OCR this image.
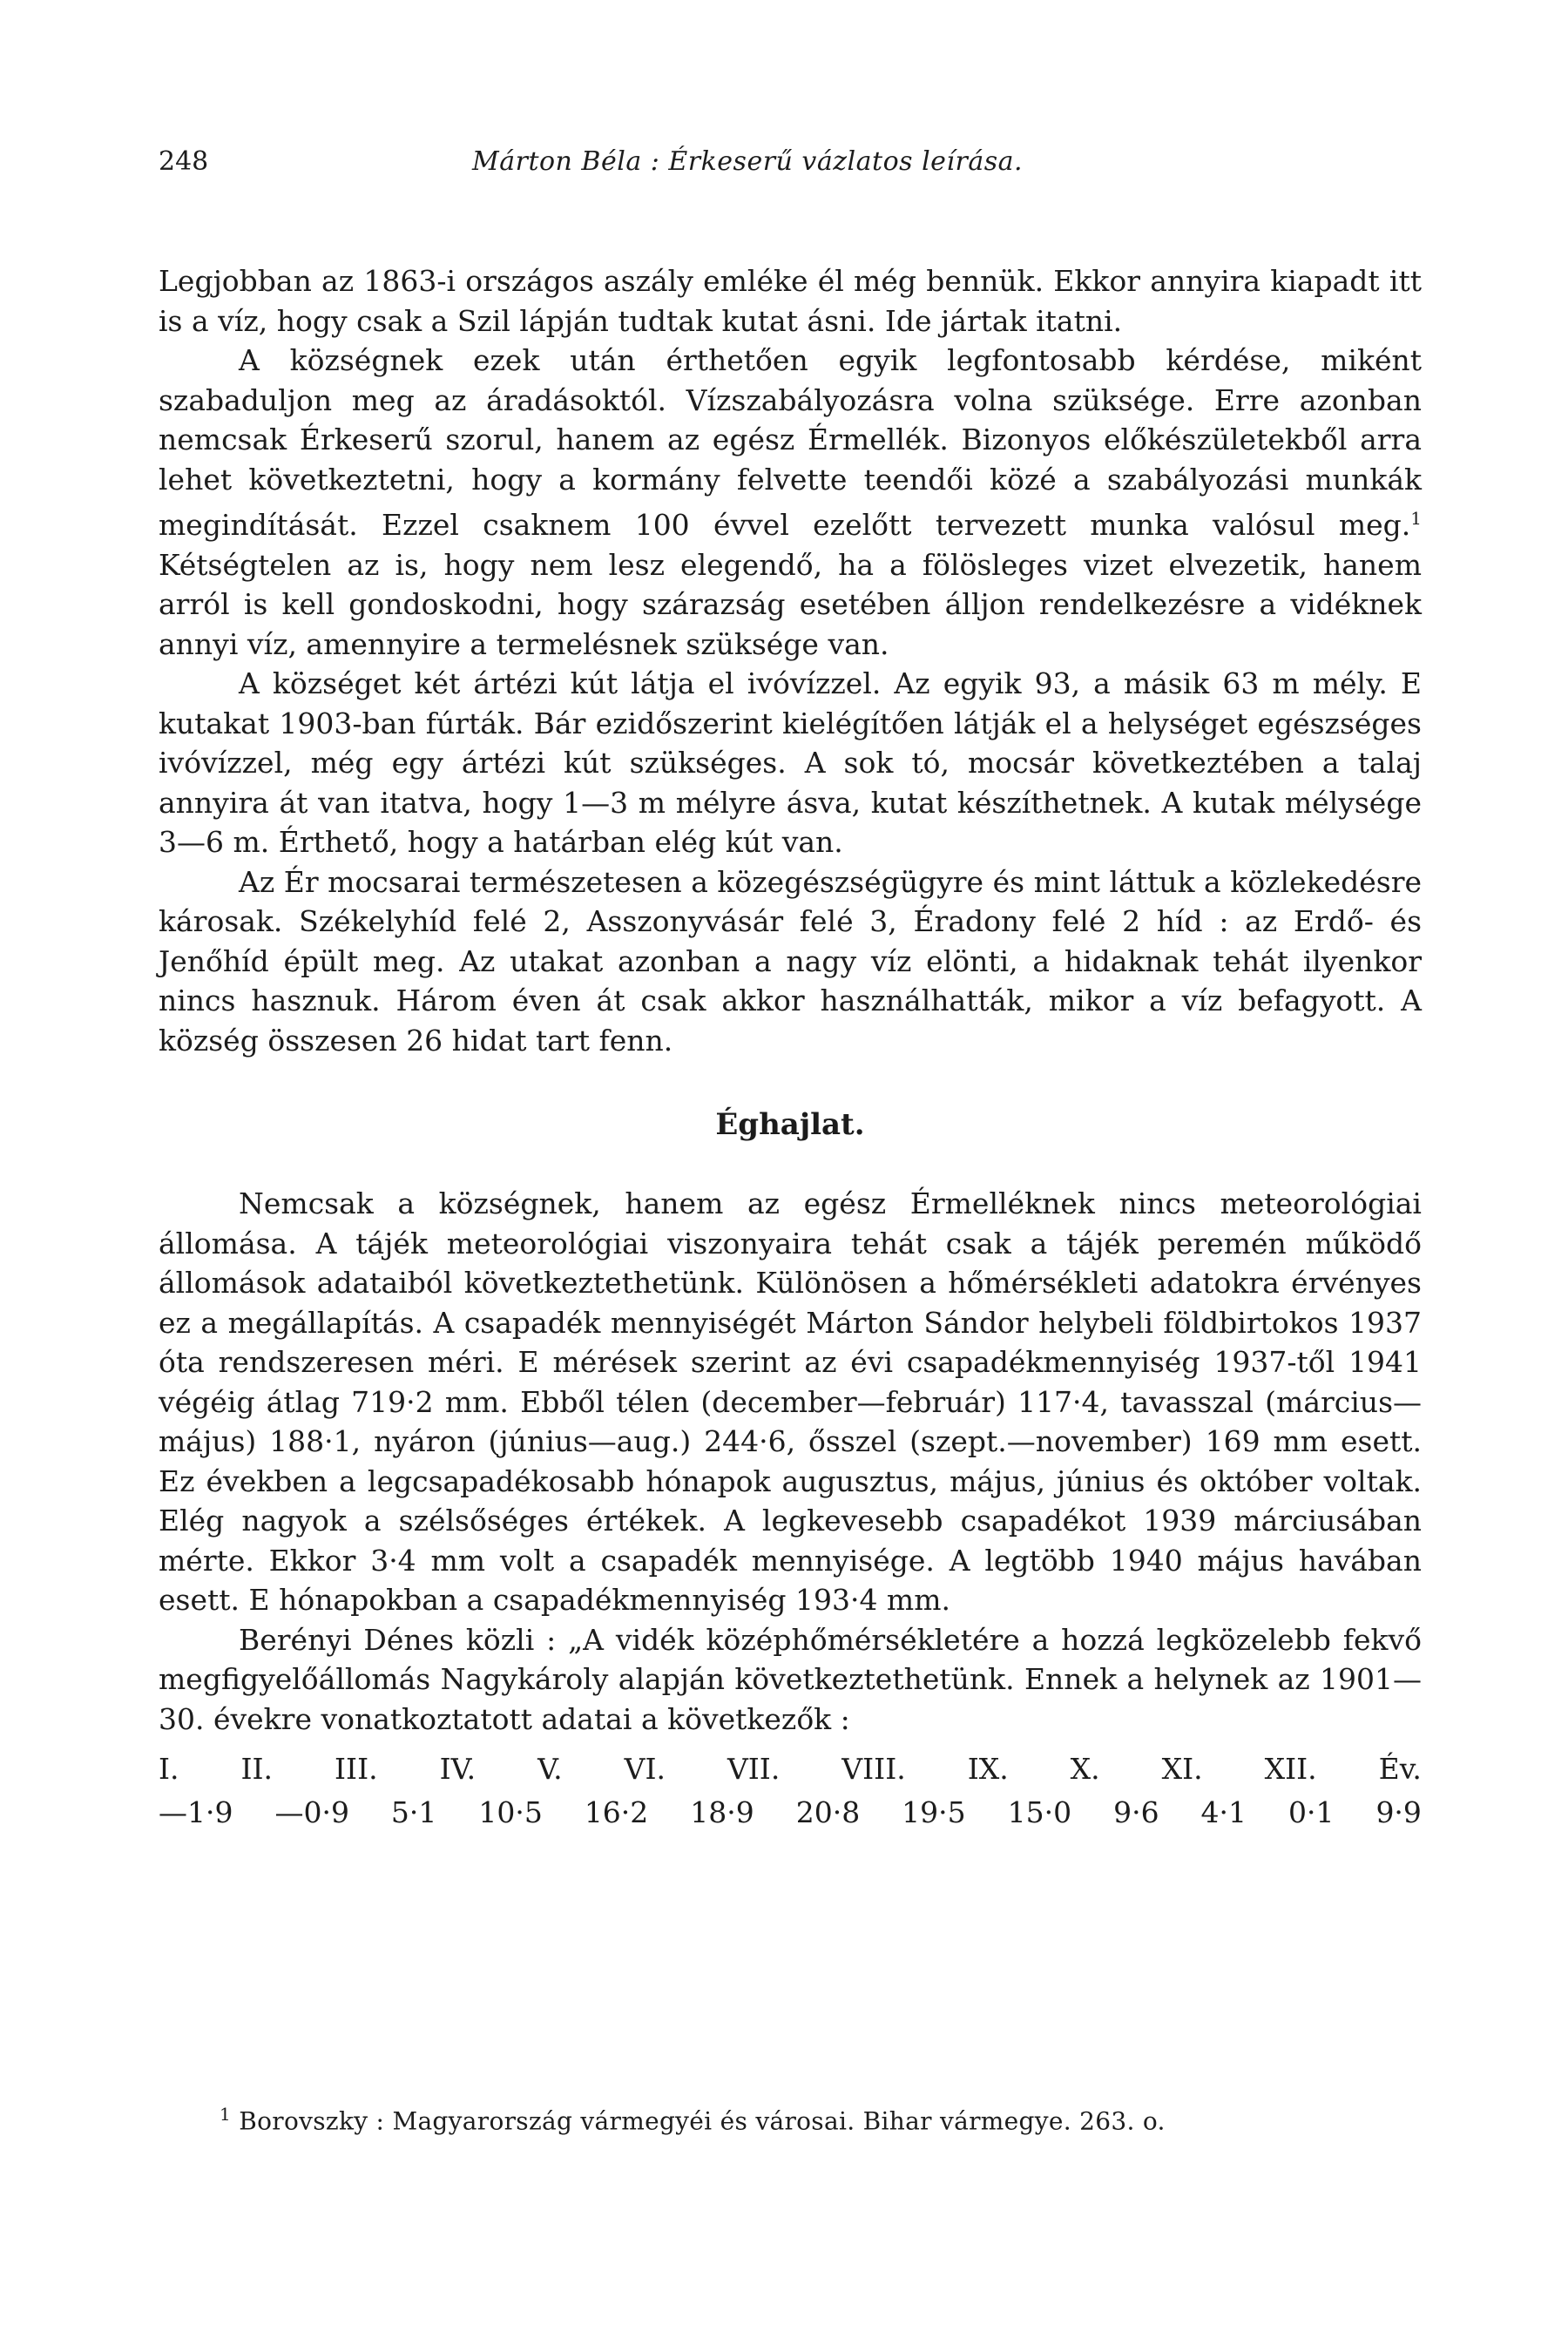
248	Márton Béla : Érkeserű vázlatos leírása.

Legjobban az 1863-i országos aszály emléke él még bennük. Ekkor annyira kiapadt itt is a víz, hogy csak a Szil lápján tudtak kutat ásni. Ide jártak itatni.

A községnek ezek után érthetően egyik legfontosabb kérdése, miként szabaduljon meg az áradásoktól. Vízszabályozásra volna szüksége. Erre azonban nemcsak Érkeserű szorul, hanem az egész Érmellék. Bizonyos előkészületekből arra lehet következtetni, hogy a kormány felvette teendői közé a szabályozási munkák megindítását. Ezzel csaknem 100 évvel ezelőtt tervezett munka valósul meg.$^1$ Kétségtelen az is, hogy nem lesz elegendő, ha a fölösleges vizet elvezetik, hanem arról is kell gondoskodni, hogy szárazság esetében álljon rendelkezésre a vidéknek annyi víz, amennyire a termelésnek szüksége van.

A községet két ártézi kút látja el ivóvízzel. Az egyik 93, a másik 63 m mély. E kutakat 1903-ban fúrták. Bár ezidőszerint kielégítően látják el a helységet egészséges ivóvízzel, még egy ártézi kút szükséges. A sok tó, mocsár következtében a talaj annyira át van itatva, hogy 1—3 m mélyre ásva, kutat készíthetnek. A kutak mélysége 3—6 m. Érthető, hogy a határban elég kút van.

Az Ér mocsarai természetesen a közegészségügyre és mint láttuk a közlekedésre károsak. Székelyhíd felé 2, Asszonyvásár felé 3, Éradony felé 2 híd : az Erdő- és Jenőhíd épült meg. Az utakat azonban a nagy víz elönti, a hidaknak tehát ilyenkor nincs hasznuk. Három éven át csak akkor használhatták, mikor a víz befagyott. A község összesen 26 hidat tart fenn.

Éghajlat.

Nemcsak a községnek, hanem az egész Érmelléknek nincs meteorológiai állomása. A tájék meteorológiai viszonyaira tehát csak a tájék peremén működő állomások adataiból következtethetünk. Különösen a hőmérsékleti adatokra érvényes ez a megállapítás. A csapadék mennyiségét Márton Sándor helybeli földbirtokos 1937 óta rendszeresen méri. E mérések szerint az évi csapadékmennyiség 1937-től 1941 végéig átlag 719·2 mm. Ebből télen (december—február) 117·4, tavasszal (március—május) 188·1, nyáron (június—aug.) 244·6, ősszel (szept.—november) 169 mm esett. Ez években a legcsapadékosabb hónapok augusztus, május, június és október voltak. Elég nagyok a szélsőséges értékek. A legkevesebb csapadékot 1939 márciusában mérte. Ekkor 3·4 mm volt a csapadék mennyisége. A legtöbb 1940 május havában esett. E hónapokban a csapadékmennyiség 193·4 mm.

Berényi Dénes közli : „A vidék középhőmérsékletére a hozzá legközelebb fekvő megfigyelőállomás Nagykároly alapján következtethetünk. Ennek a helynek az 1901—30. évekre vonatkoztatott adatai a következők :

I. II. III. IV. V. VI. VII. VIII. IX. X. XI. XII. Év.
—1·9 —0·9 5·1 10·5 16·2 18·9 20·8 19·5 15·0 9·6 4·1 0·1 9·9
$^1$ Borovszky : Magyarország vármegyéi és városai. Bihar vármegye. 263. o.
